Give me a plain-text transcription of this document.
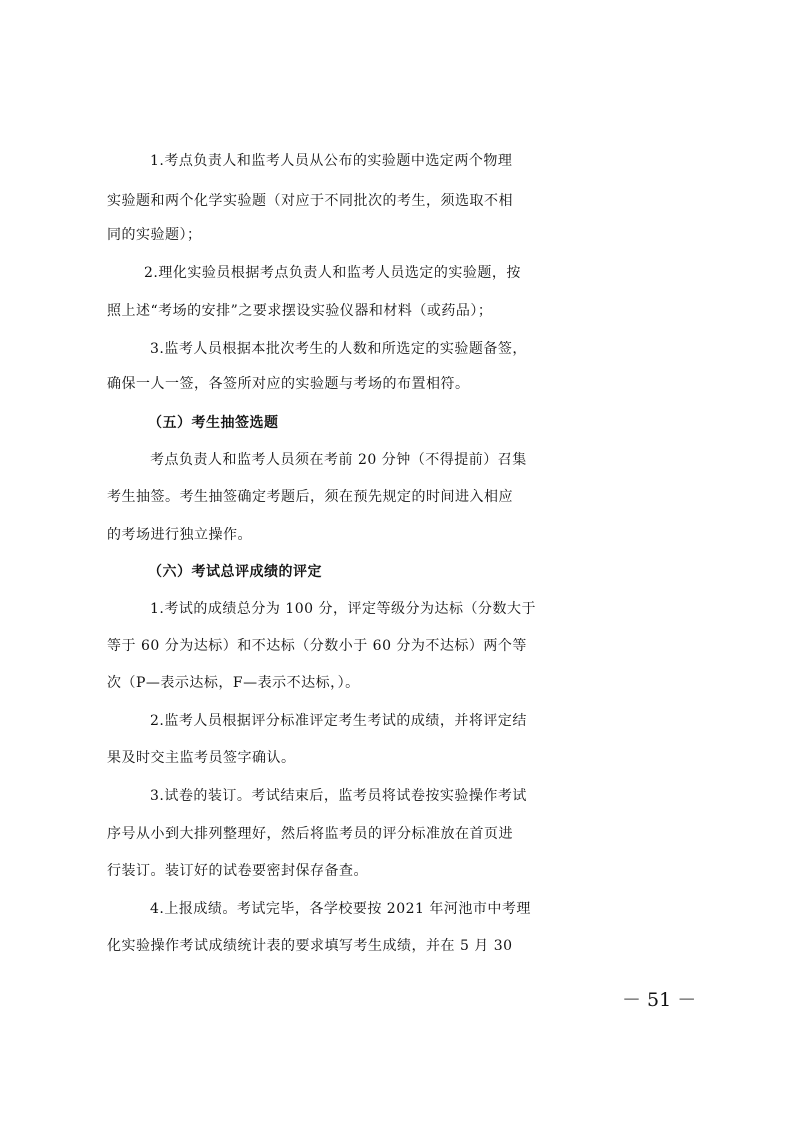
1.考点负责人和监考人员从公布的实验题中选定两个物理
实验题和两个化学实验题（对应于不同批次的考生，须选取不相
同的实验题）；
2.理化实验员根据考点负责人和监考人员选定的实验题，按
照上述“考场的安排”之要求摆设实验仪器和材料（或药品）；
3.监考人员根据本批次考生的人数和所选定的实验题备签，
确保一人一签，各签所对应的实验题与考场的布置相符。
（五）考生抽签选题
考点负责人和监考人员须在考前 20 分钟（不得提前）召集
考生抽签。考生抽签确定考题后，须在预先规定的时间进入相应
的考场进行独立操作。
（六）考试总评成绩的评定
1.考试的成绩总分为 100 分，评定等级分为达标（分数大于
等于 60 分为达标）和不达标（分数小于 60 分为不达标）两个等
次（P—表示达标，F—表示不达标，）。
2.监考人员根据评分标准评定考生考试的成绩，并将评定结
果及时交主监考员签字确认。
3.试卷的装订。考试结束后，监考员将试卷按实验操作考试
序号从小到大排列整理好，然后将监考员的评分标准放在首页进
行装订。装订好的试卷要密封保存备查。
4.上报成绩。考试完毕，各学校要按 2021 年河池市中考理
化实验操作考试成绩统计表的要求填写考生成绩，并在 5 月 30
－ 51 －
